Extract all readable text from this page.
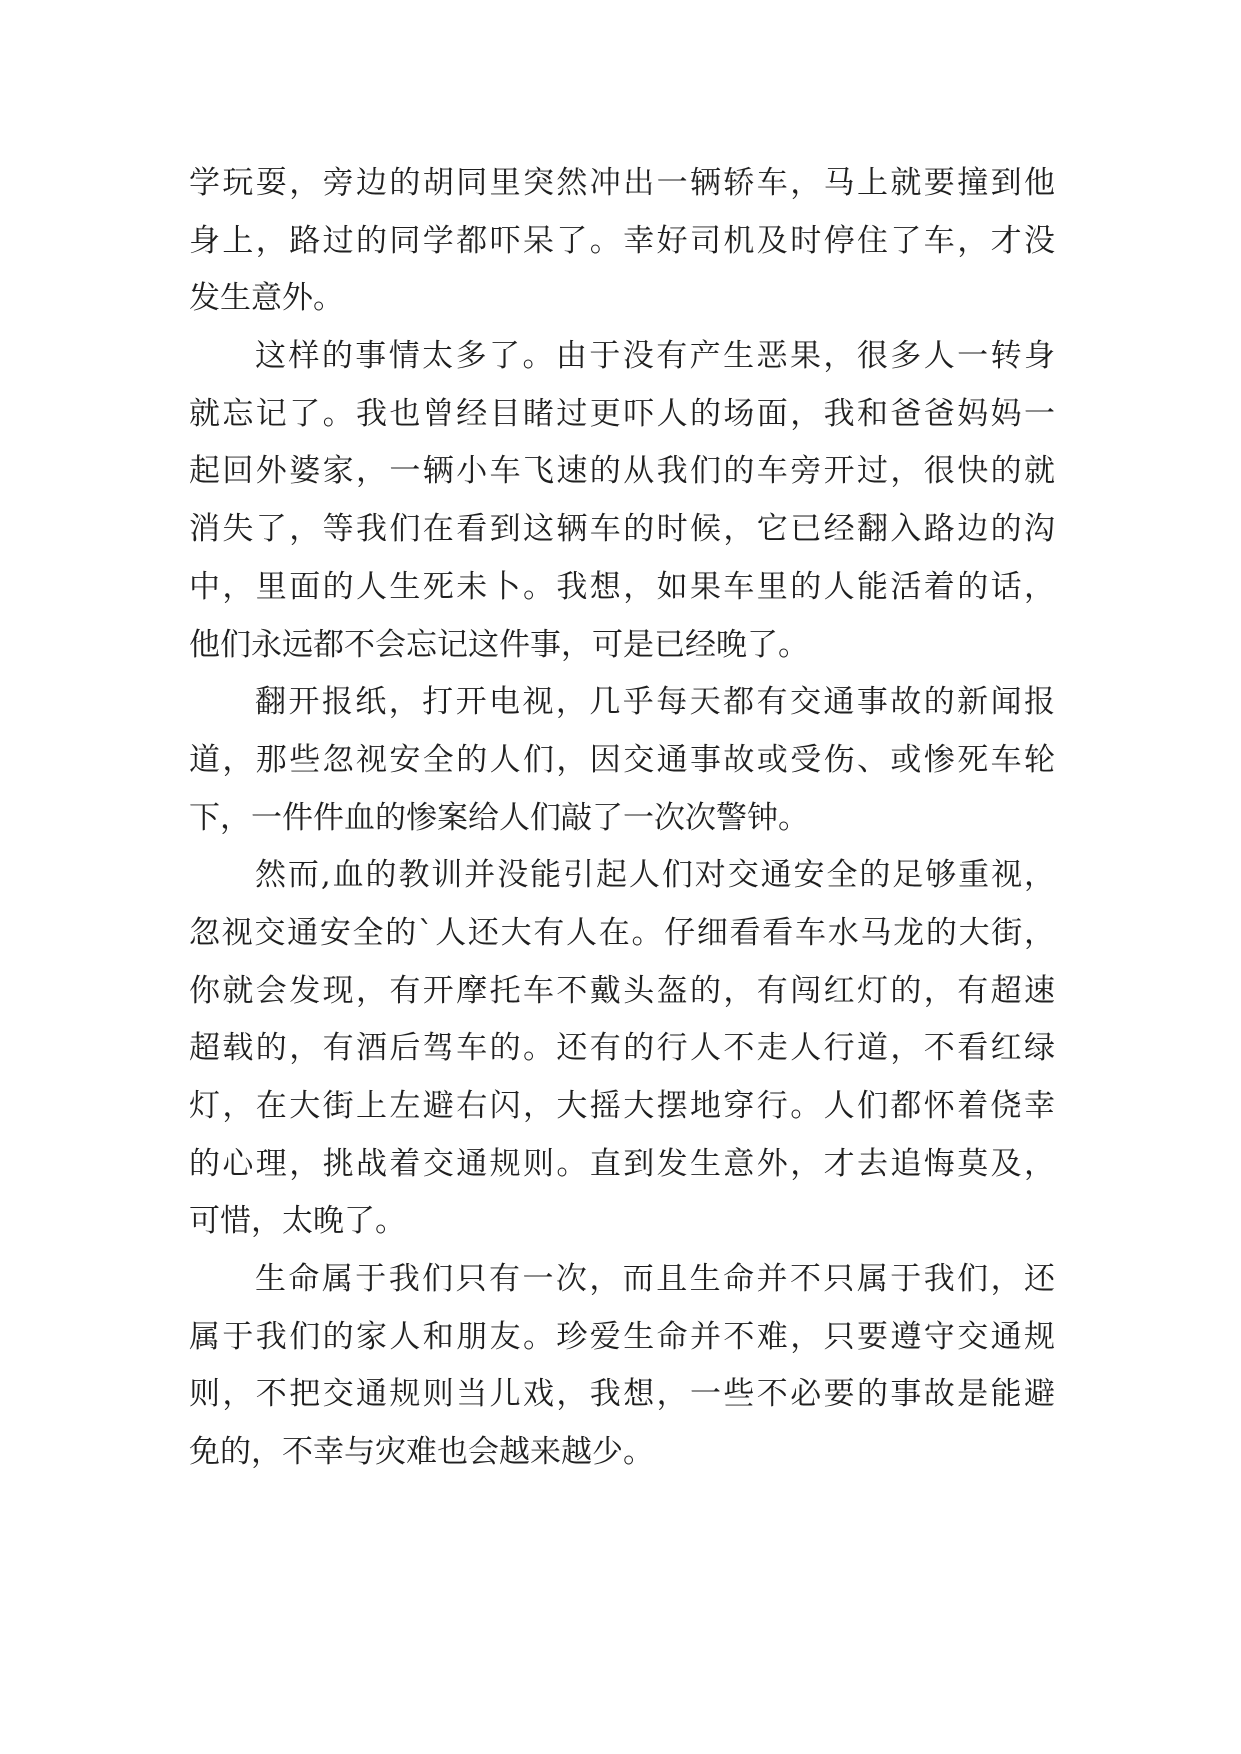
学玩耍，旁边的胡同里突然冲出一辆轿车，马上就要撞到他
身上，路过的同学都吓呆了。幸好司机及时停住了车，才没
发生意外。
这样的事情太多了。由于没有产生恶果，很多人一转身
就忘记了。我也曾经目睹过更吓人的场面，我和爸爸妈妈一
起回外婆家，一辆小车飞速的从我们的车旁开过，很快的就
消失了，等我们在看到这辆车的时候，它已经翻入路边的沟
中，里面的人生死未卜。我想，如果车里的人能活着的话，
他们永远都不会忘记这件事，可是已经晚了。
翻开报纸，打开电视，几乎每天都有交通事故的新闻报
道，那些忽视安全的人们，因交通事故或受伤、或惨死车轮
下，一件件血的惨案给人们敲了一次次警钟。
然而,血的教训并没能引起人们对交通安全的足够重视，
忽视交通安全的`人还大有人在。仔细看看车水马龙的大街，
你就会发现，有开摩托车不戴头盔的，有闯红灯的，有超速
超载的，有酒后驾车的。还有的行人不走人行道，不看红绿
灯，在大街上左避右闪，大摇大摆地穿行。人们都怀着侥幸
的心理，挑战着交通规则。直到发生意外，才去追悔莫及，
可惜，太晚了。
生命属于我们只有一次，而且生命并不只属于我们，还
属于我们的家人和朋友。珍爱生命并不难，只要遵守交通规
则，不把交通规则当儿戏，我想，一些不必要的事故是能避
免的，不幸与灾难也会越来越少。
